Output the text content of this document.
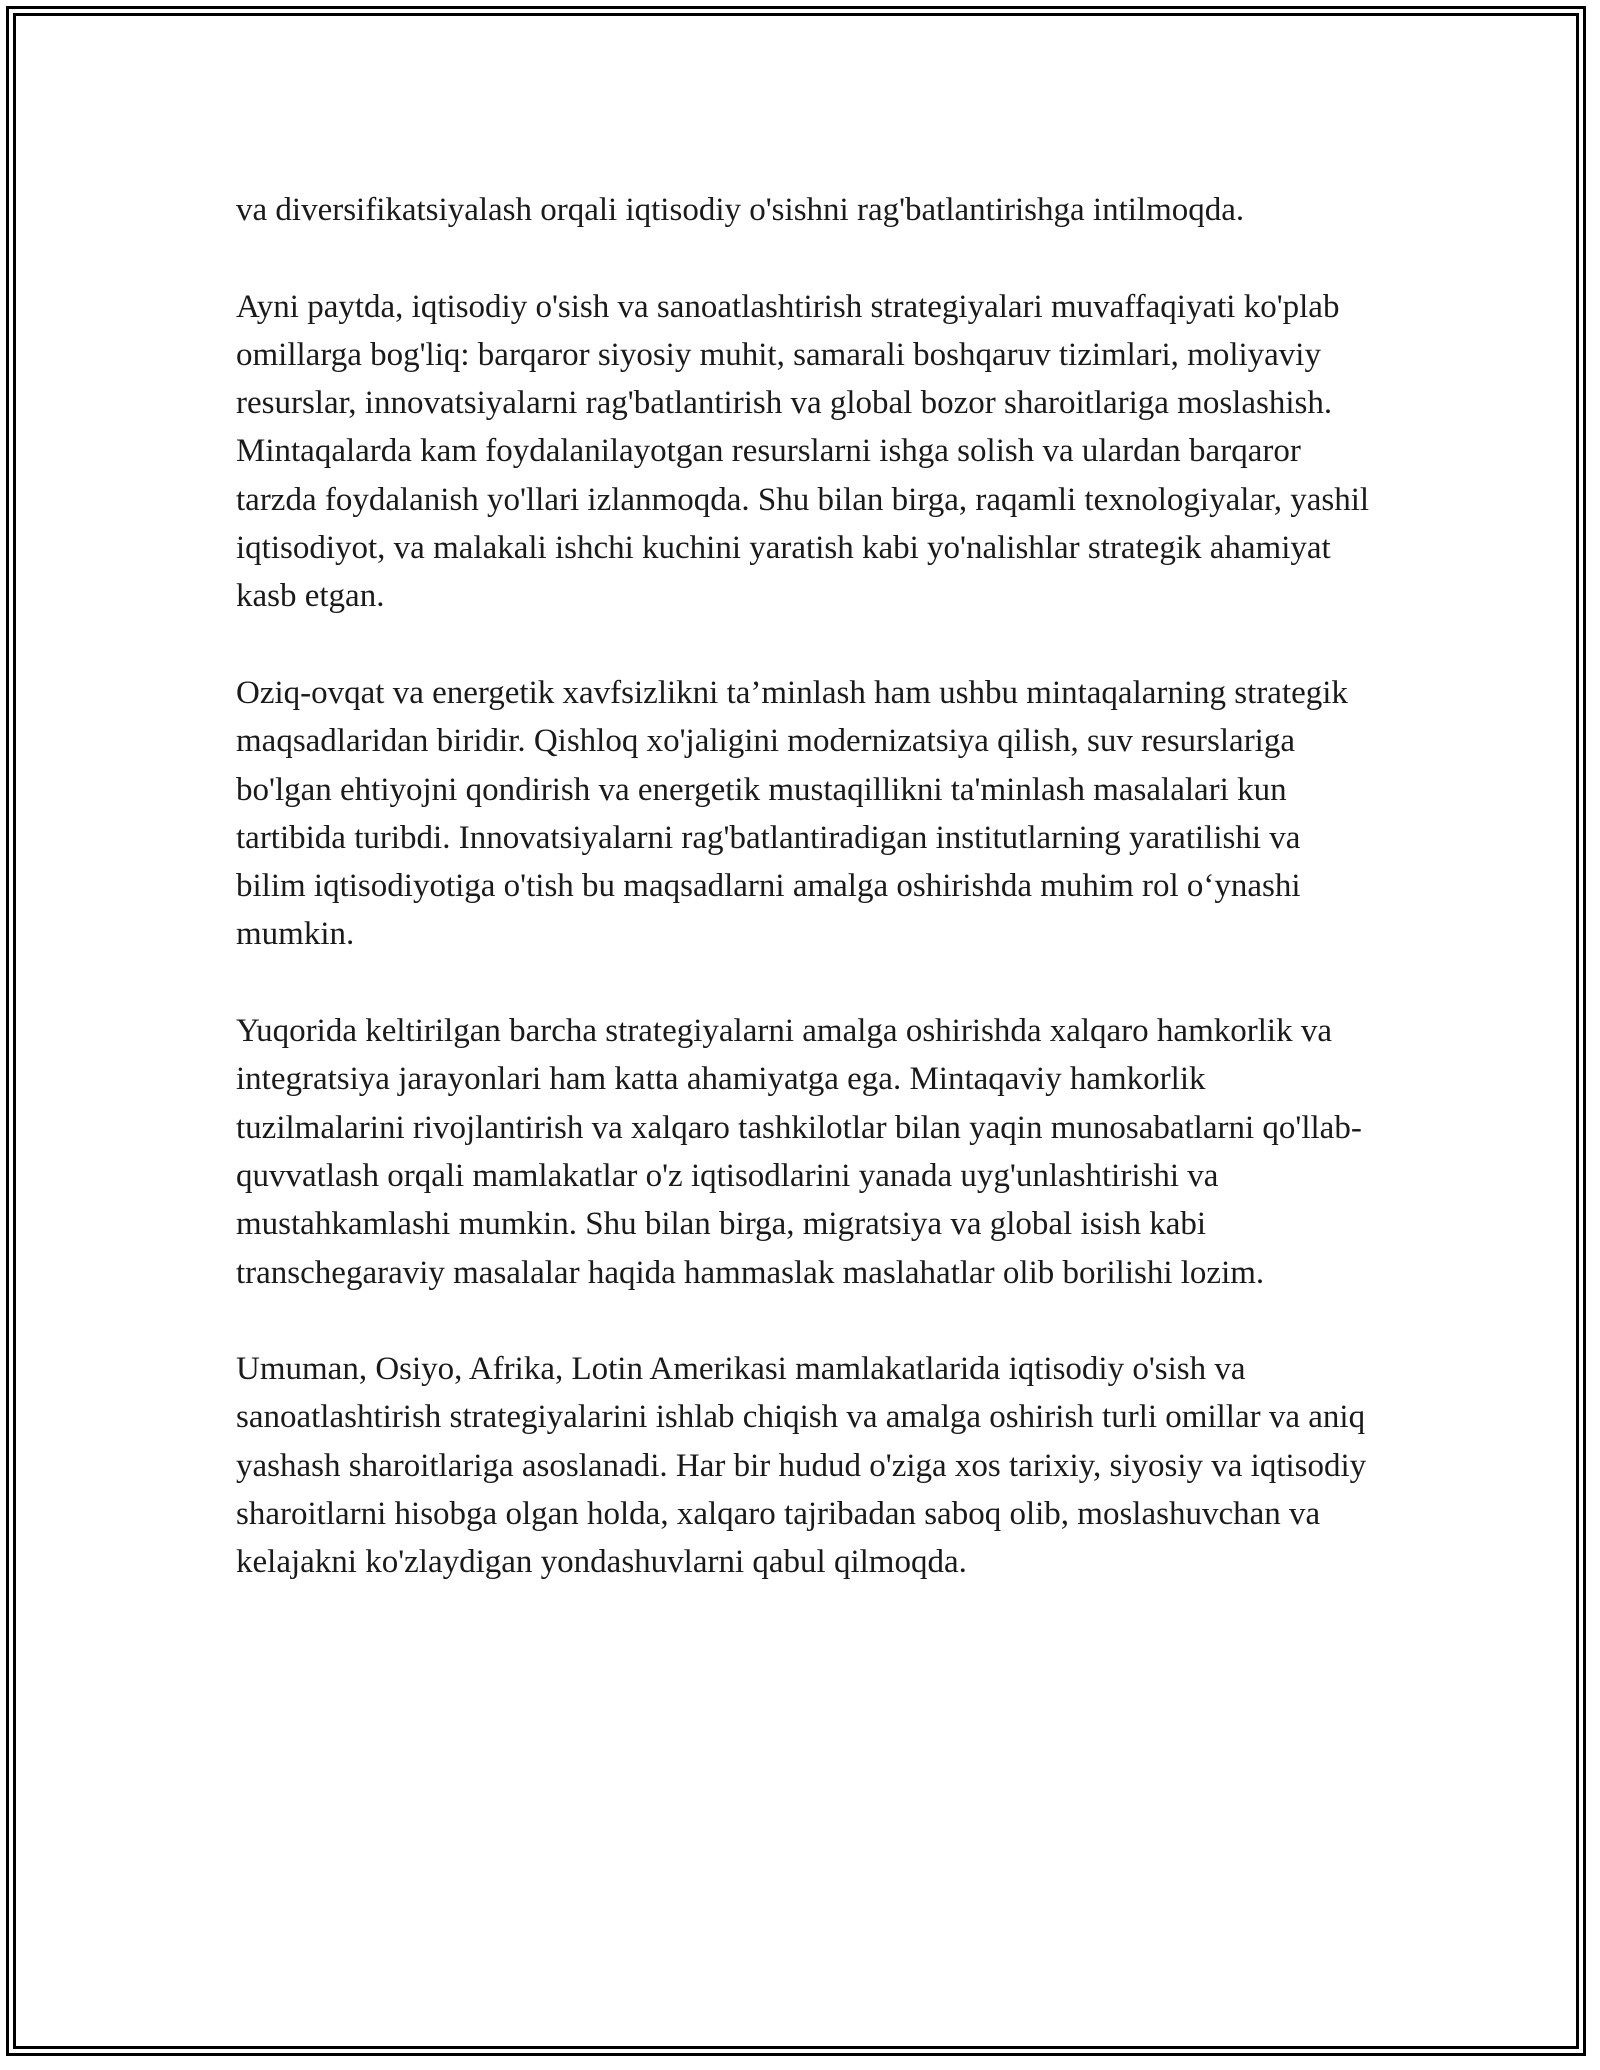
va diversifikatsiyalash orqali iqtisodiy o'sishni rag'batlantirishga intilmoqda.

Ayni paytda, iqtisodiy o'sish va sanoatlashtirish strategiyalari muvaffaqiyati ko'plab omillarga bog'liq: barqaror siyosiy muhit, samarali boshqaruv tizimlari, moliyaviy resurslar, innovatsiyalarni rag'batlantirish va global bozor sharoitlariga moslashish. Mintaqalarda kam foydalanilayotgan resurslarni ishga solish va ulardan barqaror tarzda foydalanish yo'llari izlanmoqda. Shu bilan birga, raqamli texnologiyalar, yashil iqtisodiyot, va malakali ishchi kuchini yaratish kabi yo'nalishlar strategik ahamiyat kasb etgan.

Oziq-ovqat va energetik xavfsizlikni ta’minlash ham ushbu mintaqalarning strategik maqsadlaridan biridir. Qishloq xo'jaligini modernizatsiya qilish, suv resurslariga bo'lgan ehtiyojni qondirish va energetik mustaqillikni ta'minlash masalalari kun tartibida turibdi. Innovatsiyalarni rag'batlantiradigan institutlarning yaratilishi va bilim iqtisodiyotiga o'tish bu maqsadlarni amalga oshirishda muhim rol o‘ynashi mumkin.

Yuqorida keltirilgan barcha strategiyalarni amalga oshirishda xalqaro hamkorlik va integratsiya jarayonlari ham katta ahamiyatga ega. Mintaqaviy hamkorlik tuzilmalarini rivojlantirish va xalqaro tashkilotlar bilan yaqin munosabatlarni qo'llab-quvvatlash orqali mamlakatlar o'z iqtisodlarini yanada uyg'unlashtirishi va mustahkamlashi mumkin. Shu bilan birga, migratsiya va global isish kabi transchegaraviy masalalar haqida hammaslak maslahatlar olib borilishi lozim.

Umuman, Osiyo, Afrika, Lotin Amerikasi mamlakatlarida iqtisodiy o'sish va sanoatlashtirish strategiyalarini ishlab chiqish va amalga oshirish turli omillar va aniq yashash sharoitlariga asoslanadi. Har bir hudud o'ziga xos tarixiy, siyosiy va iqtisodiy sharoitlarni hisobga olgan holda, xalqaro tajribadan saboq olib, moslashuvchan va kelajakni ko'zlaydigan yondashuvlarni qabul qilmoqda.
